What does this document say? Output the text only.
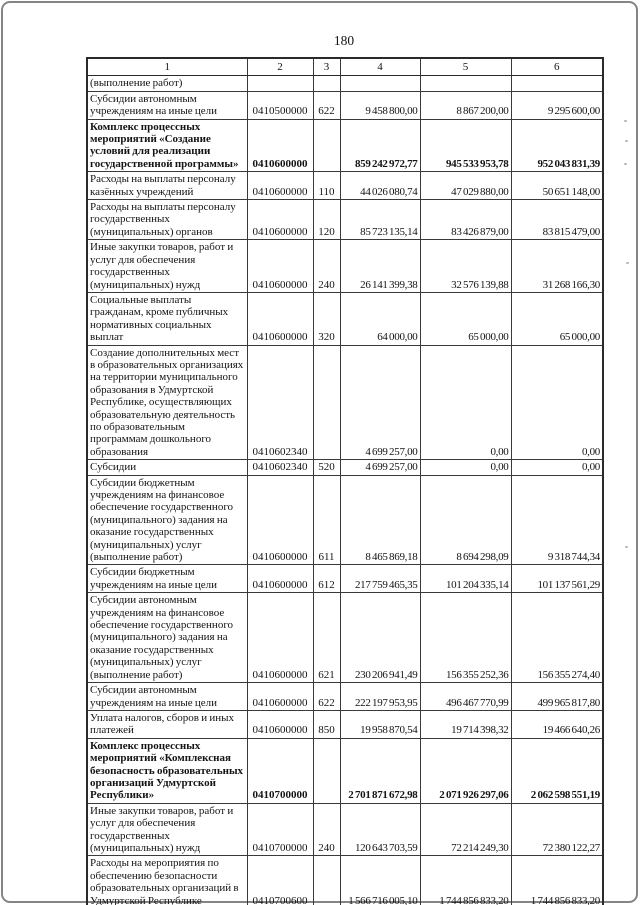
180
1	2	3	4	5	6
(выполнение работ)					
Субсидии автономным учреждениям на иные цели	0410500000	622	9 458 800,00	8 867 200,00	9 295 600,00
Комплекс процессных мероприятий «Создание условий для реализации государственной программы»	0410600000		859 242 972,77	945 533 953,78	952 043 831,39
Расходы на выплаты персоналу казённых учреждений	0410600000	110	44 026 080,74	47 029 880,00	50 651 148,00
Расходы на выплаты персоналу государственных (муниципальных) органов	0410600000	120	85 723 135,14	83 426 879,00	83 815 479,00
Иные закупки товаров, работ и услуг для обеспечения государственных (муниципальных) нужд	0410600000	240	26 141 399,38	32 576 139,88	31 268 166,30
Социальные выплаты гражданам, кроме публичных нормативных социальных выплат	0410600000	320	64 000,00	65 000,00	65 000,00
Создание дополнительных мест в образовательных организациях на территории муниципального образования в Удмуртской Республике, осуществляющих образовательную деятельность по образовательным программам дошкольного образования	0410602340		4 699 257,00	0,00	0,00
Субсидии	0410602340	520	4 699 257,00	0,00	0,00
Субсидии бюджетным учреждениям на финансовое обеспечение государственного (муниципального) задания на оказание государственных (муниципальных) услуг (выполнение работ)	0410600000	611	8 465 869,18	8 694 298,09	9 318 744,34
Субсидии бюджетным учреждениям на иные цели	0410600000	612	217 759 465,35	101 204 335,14	101 137 561,29
Субсидии автономным учреждениям на финансовое обеспечение государственного (муниципального) задания на оказание государственных (муниципальных) услуг (выполнение работ)	0410600000	621	230 206 941,49	156 355 252,36	156 355 274,40
Субсидии автономным учреждениям на иные цели	0410600000	622	222 197 953,95	496 467 770,99	499 965 817,80
Уплата налогов, сборов и иных платежей	0410600000	850	19 958 870,54	19 714 398,32	19 466 640,26
Комплекс процессных мероприятий «Комплексная безопасность образовательных организаций Удмуртской Республики»	0410700000		2 701 871 672,98	2 071 926 297,06	2 062 598 551,19
Иные закупки товаров, работ и услуг для обеспечения государственных (муниципальных) нужд	0410700000	240	120 643 703,59	72 214 249,30	72 380 122,27
Расходы на мероприятия по обеспечению безопасности образовательных организаций в Удмуртской Республике	0410700600		1 566 716 005,10	1 744 856 833,20	1 744 856 833,20
